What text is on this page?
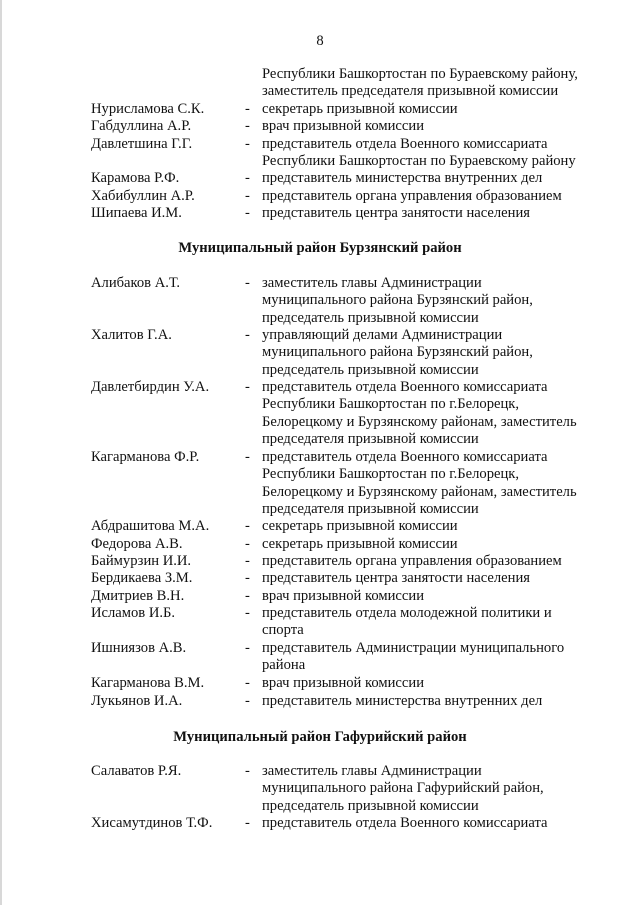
8
Республики Башкортостан по Бураевскому району,
заместитель председателя призывной комиссии
Нурисламова С.К.	- секретарь призывной комиссии
Габдуллина А.Р.	- врач призывной комиссии
Давлетшина Г.Г.	- представитель отдела Военного комиссариата
Республики Башкортостан по Бураевскому району
Карамова Р.Ф.	- представитель министерства внутренних дел
Хабибуллин А.Р.	- представитель органа управления образованием
Шипаева И.М.	- представитель центра занятости населения
Муниципальный район Бурзянский район
Алибаков А.Т.	- заместитель главы Администрации
муниципального района Бурзянский район,
председатель призывной комиссии
Халитов Г.А.	- управляющий делами Администрации
муниципального района Бурзянский район,
председатель призывной комиссии
Давлетбирдин У.А. - представитель отдела Военного комиссариата
Республики Башкортостан по г.Белорецк,
Белорецкому и Бурзянскому районам, заместитель
председателя призывной комиссии
Кагарманова Ф.Р.	- представитель отдела Военного комиссариата
Республики Башкортостан по г.Белорецк,
Белорецкому и Бурзянскому районам, заместитель
председателя призывной комиссии
Абдрашитова М.А. - секретарь призывной комиссии
Федорова А.В.	- секретарь призывной комиссии
Баймурзин И.И.	- представитель органа управления образованием
Бердикаева З.М.	- представитель центра занятости населения
Дмитриев В.Н.	- врач призывной комиссии
Исламов И.Б.	- представитель отдела молодежной политики и
спорта
Ишниязов А.В.	- представитель Администрации муниципального
района
Кагарманова В.М.	- врач призывной комиссии
Лукьянов И.А.	- представитель министерства внутренних дел
Муниципальный район Гафурийский район
Салаватов Р.Я.	- заместитель главы Администрации
муниципального района Гафурийский район,
председатель призывной комиссии
Хисамутдинов Т.Ф. - представитель отдела Военного комиссариата
